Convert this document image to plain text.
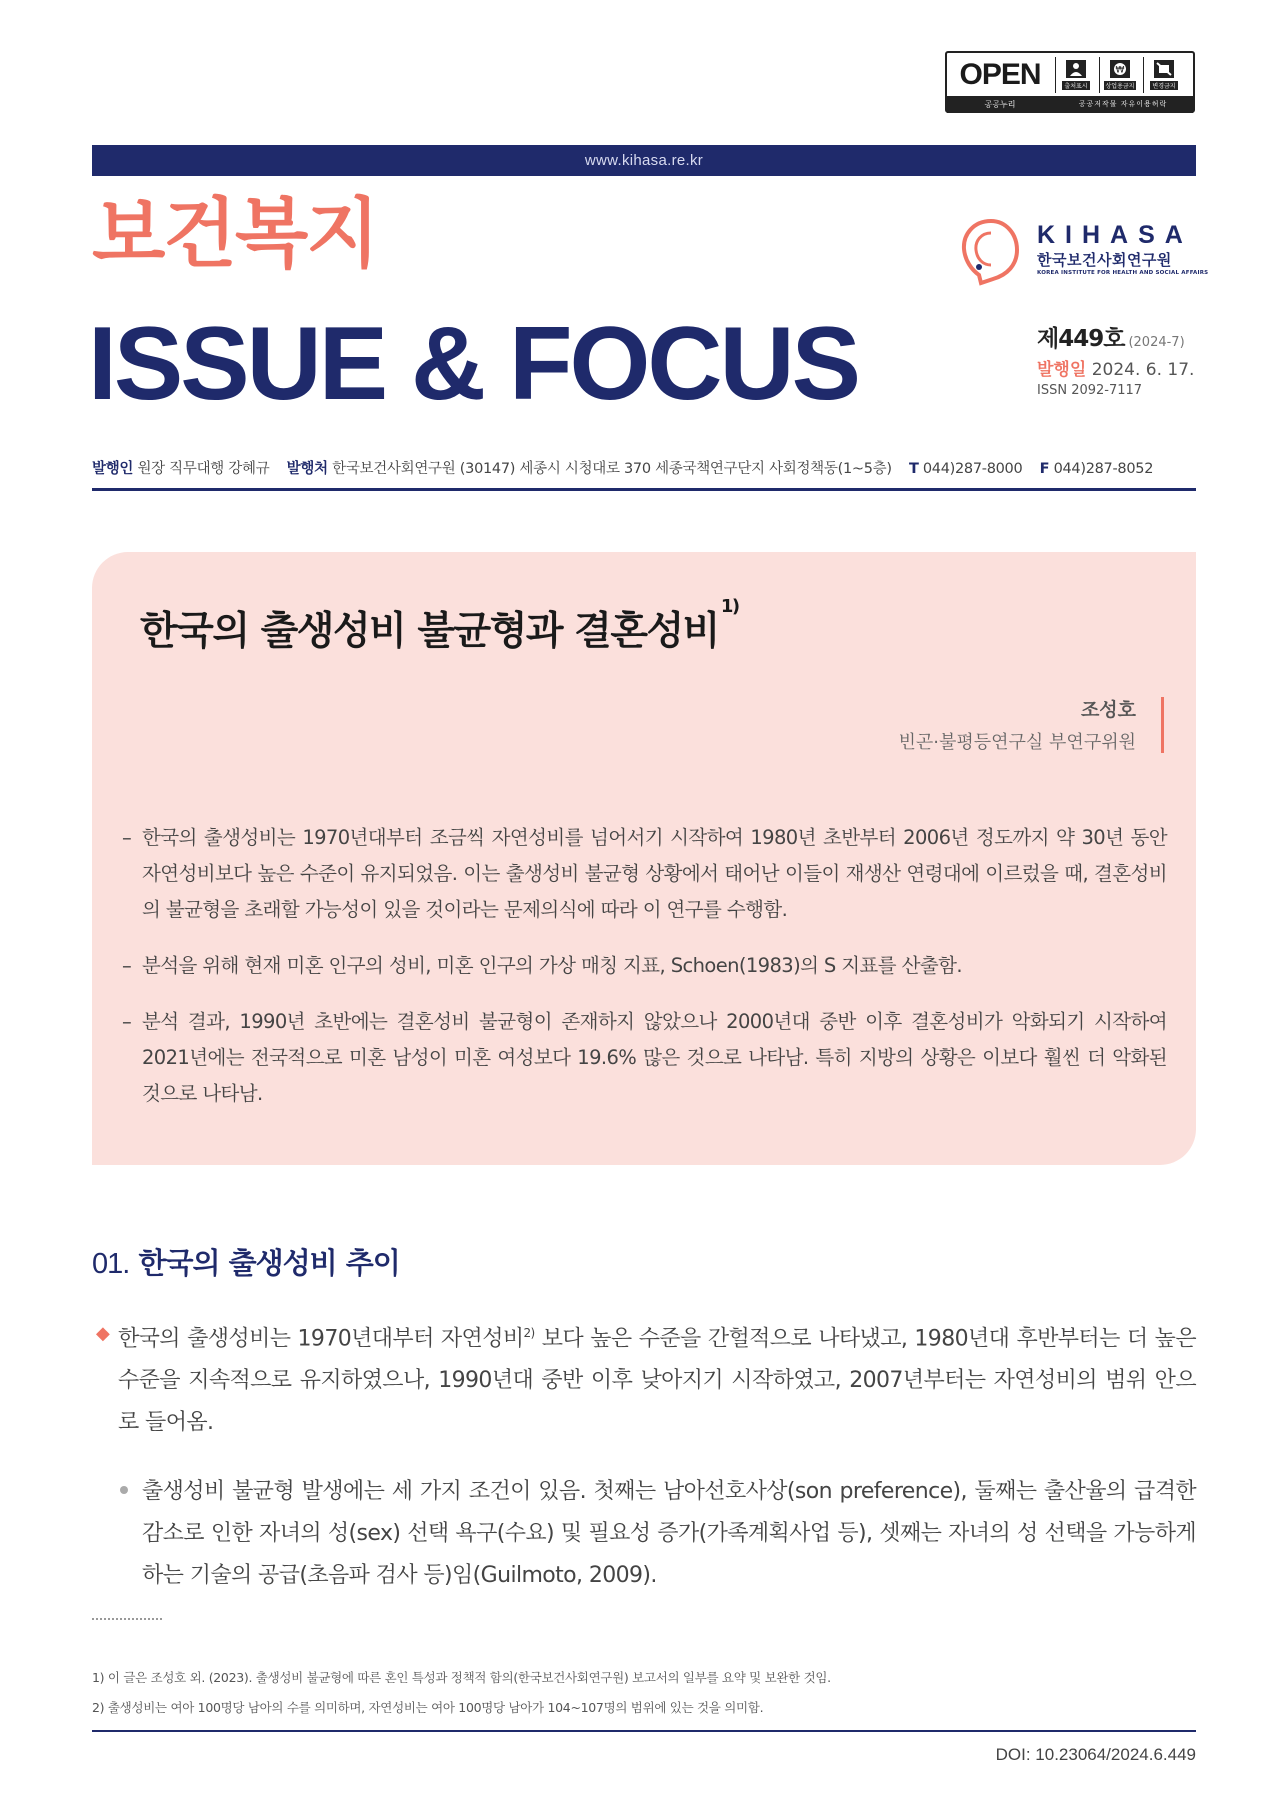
OPEN
공공누리	공공저작물 자유이용허락
출처표시
₩
상업용금지	변경금지
www.kihasa.re.kr
보건복지
ISSUE & FOCUS
KIHASA
한국보건사회연구원
KOREA INSTITUTE FOR HEALTH AND SOCIAL AFFAIRS
제449호 (2024-7)
발행일 2024. 6. 17.
ISSN 2092-7117
발행인 원장 직무대행 강혜규 발행처 한국보건사회연구원 (30147) 세종시 시청대로 370 세종국책연구단지 사회정책동(1~5층) T 044)287-8000 F 044)287-8052
한국의 출생성비 불균형과 결혼성비$^{1)}$
조성호
빈곤·불평등연구실 부연구위원
– 한국의 출생성비는 1970년대부터 조금씩 자연성비를 넘어서기 시작하여 1980년 초반부터 2006년 정도까지 약 30년 동안 자연성비보다 높은 수준이 유지되었음. 이는 출생성비 불균형 상황에서 태어난 이들이 재생산 연령대에 이르렀을 때, 결혼성비의 불균형을 초래할 가능성이 있을 것이라는 문제의식에 따라 이 연구를 수행함.
– 분석을 위해 현재 미혼 인구의 성비, 미혼 인구의 가상 매칭 지표, Schoen(1983)의 S 지표를 산출함.
– 분석 결과, 1990년 초반에는 결혼성비 불균형이 존재하지 않았으나 2000년대 중반 이후 결혼성비가 악화되기 시작하여 2021년에는 전국적으로 미혼 남성이 미혼 여성보다 19.6% 많은 것으로 나타남. 특히 지방의 상황은 이보다 훨씬 더 악화된 것으로 나타남.
01. 한국의 출생성비 추이
◆ 한국의 출생성비는 1970년대부터 자연성비$^{2)}$ 보다 높은 수준을 간헐적으로 나타냈고, 1980년대 후반부터는 더 높은 수준을 지속적으로 유지하였으나, 1990년대 중반 이후 낮아지기 시작하였고, 2007년부터는 자연성비의 범위 안으로 들어옴.
출생성비 불균형 발생에는 세 가지 조건이 있음. 첫째는 남아선호사상(son preference), 둘째는 출산율의 급격한 감소로 인한 자녀의 성(sex) 선택 욕구(수요) 및 필요성 증가(가족계획사업 등), 셋째는 자녀의 성 선택을 가능하게 하는 기술의 공급(초음파 검사 등)임(Guilmoto, 2009).
1) 이 글은 조성호 외. (2023). 출생성비 불균형에 따른 혼인 특성과 정책적 함의(한국보건사회연구원) 보고서의 일부를 요약 및 보완한 것임.
2) 출생성비는 여아 100명당 남아의 수를 의미하며, 자연성비는 여아 100명당 남아가 104~107명의 범위에 있는 것을 의미함.
DOI: 10.23064/2024.6.449
